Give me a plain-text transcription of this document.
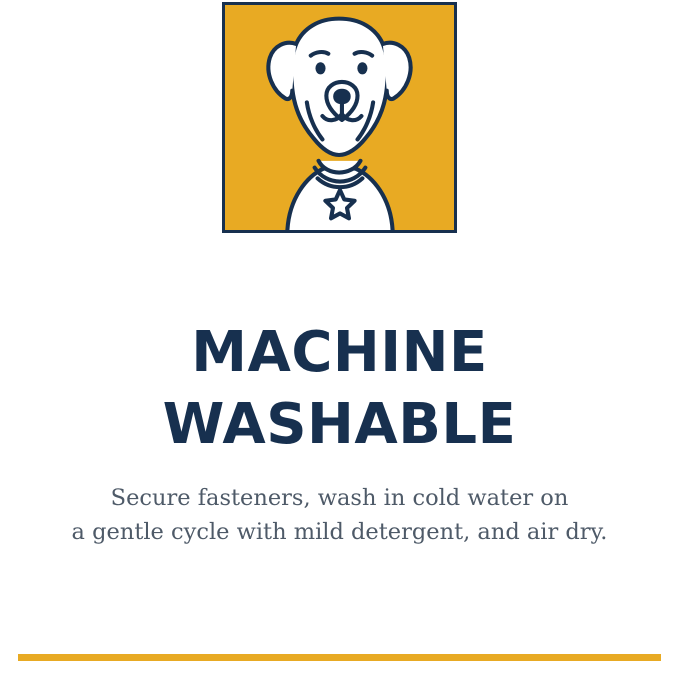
MACHINE
WASHABLE
Secure fasteners, wash in cold water on
a gentle cycle with mild detergent, and air dry.
